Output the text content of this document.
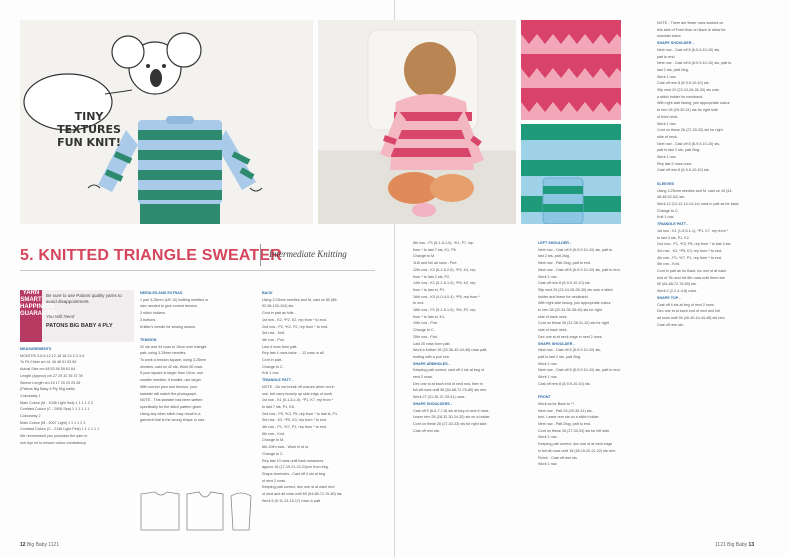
TINY TEXTURES
FUN KNIT!
5. KNITTED TRIANGLE SWEATER
Intermediate Knitting
YARN
SMART
HAPPINESS
GUARANTEE
Be sure to use Patons quality yarns to avoid disappointment.
You Will Need
PATONS BIG BABY 4 PLY
MEASUREMENTS
MONTHS 3-6 6-12 12-18 18-24 2-3 3-4
To Fit Chest cm 41 46 48 51 53 56
Actual Size cm 48 53 56 59 61 64
Length (approx) cm 27 29 32 35 37 39
Sleeve Length cm 15 17 20 23 25 28
(Patons Big Baby 4 Ply 50g balls)
Colourway 1
Main Colour (M - 1048 Light Sea) 1 1 1 1 2 2
Contrast Colour (C - 2006 Sea) 1 1 1 1 1 1
Colourway 2
Main Colour (M - 2007 Light) 1 1 1 1 2 2
Contrast Colour (C - 2146 Light Pink) 1 1 1 1 1 1
We recommend you purchase the yarn in
one dye lot to ensure colour consistency.
NEEDLES AND EXTRAS
1 pair 3.25mm (UK 10) knitting needles or
size needed to give correct tension.
3 stitch holders.
3 buttons.
Knitter's needle for sewing seams.

TENSION
32 sts and 44 rows to 10cm over triangle
patt, using 3.25mm needles.
To work a tension square, using 3.25mm
needles, cast on 42 sts. Work 60 rows.
If your square is larger than 10cm, use
smaller needles; if smaller, use larger.
With correct yarn and tension, your
sweater will match the photograph.
NOTE - This sweater has been written
specifically for the stitch pattern given.
Using any other stitch may result in a
garment that is the wrong shape or size.
BACK
Using 3.25mm needles and M, cast on 80 (88-
92-96-100-104) sts.
Cont in patt as folls -
1st row - K2, *P2, K2, rep from * to end.
2nd row - P2, *K2, P2, rep from * to end.
3rd row - Knit.
4th row - Purl.
Last 4 rows form patt.
Rep last 4 rows twice ... 12 rows in all.
Cont in patt.
Change to C.
Knit 1 row.
TRIANGLE PATT -
NOTE - Do not break off colours when not in
use, but carry loosely up side edge of work.
1st row - K1 (5-1-5-1-5), *P1, K7, rep from *
to last 7 sts, P1, K6.
2nd row - P5, *K3, P5, rep from * to last st, P1.
3rd row - K3, *P5, K3, rep from * to end.
4th row - P1, *K7, P1, rep from * to end.
5th row - Knit.
Change to M.
6th-10th rows - Work in st st.
Change to C.
Rep last 10 rows until back measures
approx 16 (17-19-21-22-24)cm from beg.
Shape Armholes - Cast off 4 sts at beg
of next 2 rows.
Keeping patt correct, dec one st at each end
of next and alt rows until 60 (64-68-72-76-80) sts.
Work 5 (9-11-13-15-17) rows in patt.
12 Big Baby 1121
6th row - P1 (5-1-5-1-5), *K1, P7, rep
from * to last 7 sts, K1, P6.
Change to M.
11th and foll alt rows - Purl.
12th row - K2 (6-2-6-2-6), *P4, K4, rep
from * to last 2 sts, P2.
14th row - K1 (5-1-5-1-5), *P6, K2, rep
from * to last st, P1.
16th row - K0 (4-0-4-0-4), *P8, rep from *
to end.
18th row - P1 (5-1-5-1-5), *K6, P2, rep
from * to last st, K1.
19th row - Purl.
Change to C.
20th row - Purl.
Last 20 rows form patt.
Work a further 26 (32-36-40-44-48) rows patt,
ending with a purl row.
SHAPE ARMHOLES -
Keeping patt correct, cast off 4 sts at beg of
next 2 rows.
Dec one st at each end of next row, then in
foll alt rows until 56 (64-68-72-76-80) sts rem.
Work 27 (31-35-37-39-41) rows.
SHAPE SHOULDERS -
Cast off 5 (6-6-7-7-8) sts at beg of next 6 rows.
Leave rem 26 (28-32-30-34-32) sts on a holder.
Cont on these 26 (27-30-33) sts for right side.
Cast off rem sts.
LEFT SHOULDER -
Next row - Cast off 8 (8-9-9-10-10) sts, patt to
last 2 sts, patt 2tog.
Next row - Patt 2tog, patt to end.
Next row - Cast off 8 (8-9-9-10-10) sts, patt to end.
Work 1 row.
Cast off rem 8 (8-9-9-10-10) sts.
Slip next 20 (22-24-26-28-30) sts onto a stitch
holder and leave for neckband.
With right side facing, join appropriate colour
to rem 28 (32-34-36-38-40) sts for right
side of back neck.
Cont on these 28 (31-38-31-32) sts for right
side of back neck.
Dec one st at neck edge in next 2 rows.
SHAPE SHOULDER -
Next row - Cast off 8 (8-9-9-10-10) sts,
patt to last 2 sts, patt 2tog.
Work 1 row.
Next row - Cast off 8 (8-9-9-10-10) sts, patt to end.
Work 1 row.
Cast off rem 8 (8-9-9-10-10) sts.

FRONT
Work as for Back to ** .
Next row - Patt 26 (29-30-31) sts,
turn. Leave rem sts on a stitch holder.
Next row - Patt 2tog, patt to end.
Cont on these 26 (27-30-33) sts for left side.
Work 1 row.
Keeping patt correct, dec one st at neck edge
in foll alt rows until 16 (18-19-20-21-22) sts rem.
Finish - Cast off rem sts.
Work 1 row.
NOTE - There are fewer rows worked on
this side of Front than on Back to allow for
shoulder band.
SHAPE SHOULDER -
Next row - Cast off 8 (8-9-9-10-10) sts,
patt to end.
Next row - Cast off 8 (8-9-9-10-10) sts, patt to
last 2 sts, patt 2tog.
Work 1 row.
Cast off rem 8 (8-9-9-10-10) sts.
Slip next 20 (22-24-26-28-30) sts onto
a stitch holder for neckband.
With right side facing, join appropriate colour
to rem 26 (29-30-31) sts for right side
of front neck.
Work 1 row.
Cont on these 26 (27-30-33) sts for right
side of neck.
Next row - Cast off 8 (8-9-9-10-10) sts,
patt to last 2 sts, patt 2tog.
Work 1 row.
Rep last 2 rows once.
Cast off rem 8 (8-9-9-10-10) sts.

SLEEVES
Using 3.25mm needles and M, cast on 44 (44-
48-48-52-52) sts.
Work 12 (12-12-14-14-14) rows in patt as for back.
Change to C.
Knit 1 row.
TRIANGLE PATT -
1st row - K1 (1-5-5-1-1), *P1, K7, rep from *
to last 3 sts, P1, K2.
2nd row - P1, *K3, P5, rep from * to last 3 sts.
3rd row - K3, *P5, K3, rep from * to end.
4th row - P1, *K7, P1, rep from * to end.
5th row - Knit.
Cont in patt as for Back, inc one st at each
end of 7th and foll 6th rows until there are
60 (64-68-72-76-80) sts.
Work 2 (2-2-4-4-6) rows.
SHAPE TOP -
Cast off 4 sts at beg of next 2 rows.
Dec one st at each end of next and foll
alt rows until 36 (40-40-44-44-48) sts rem.
Cast off rem sts.
1121 Big Baby 13
